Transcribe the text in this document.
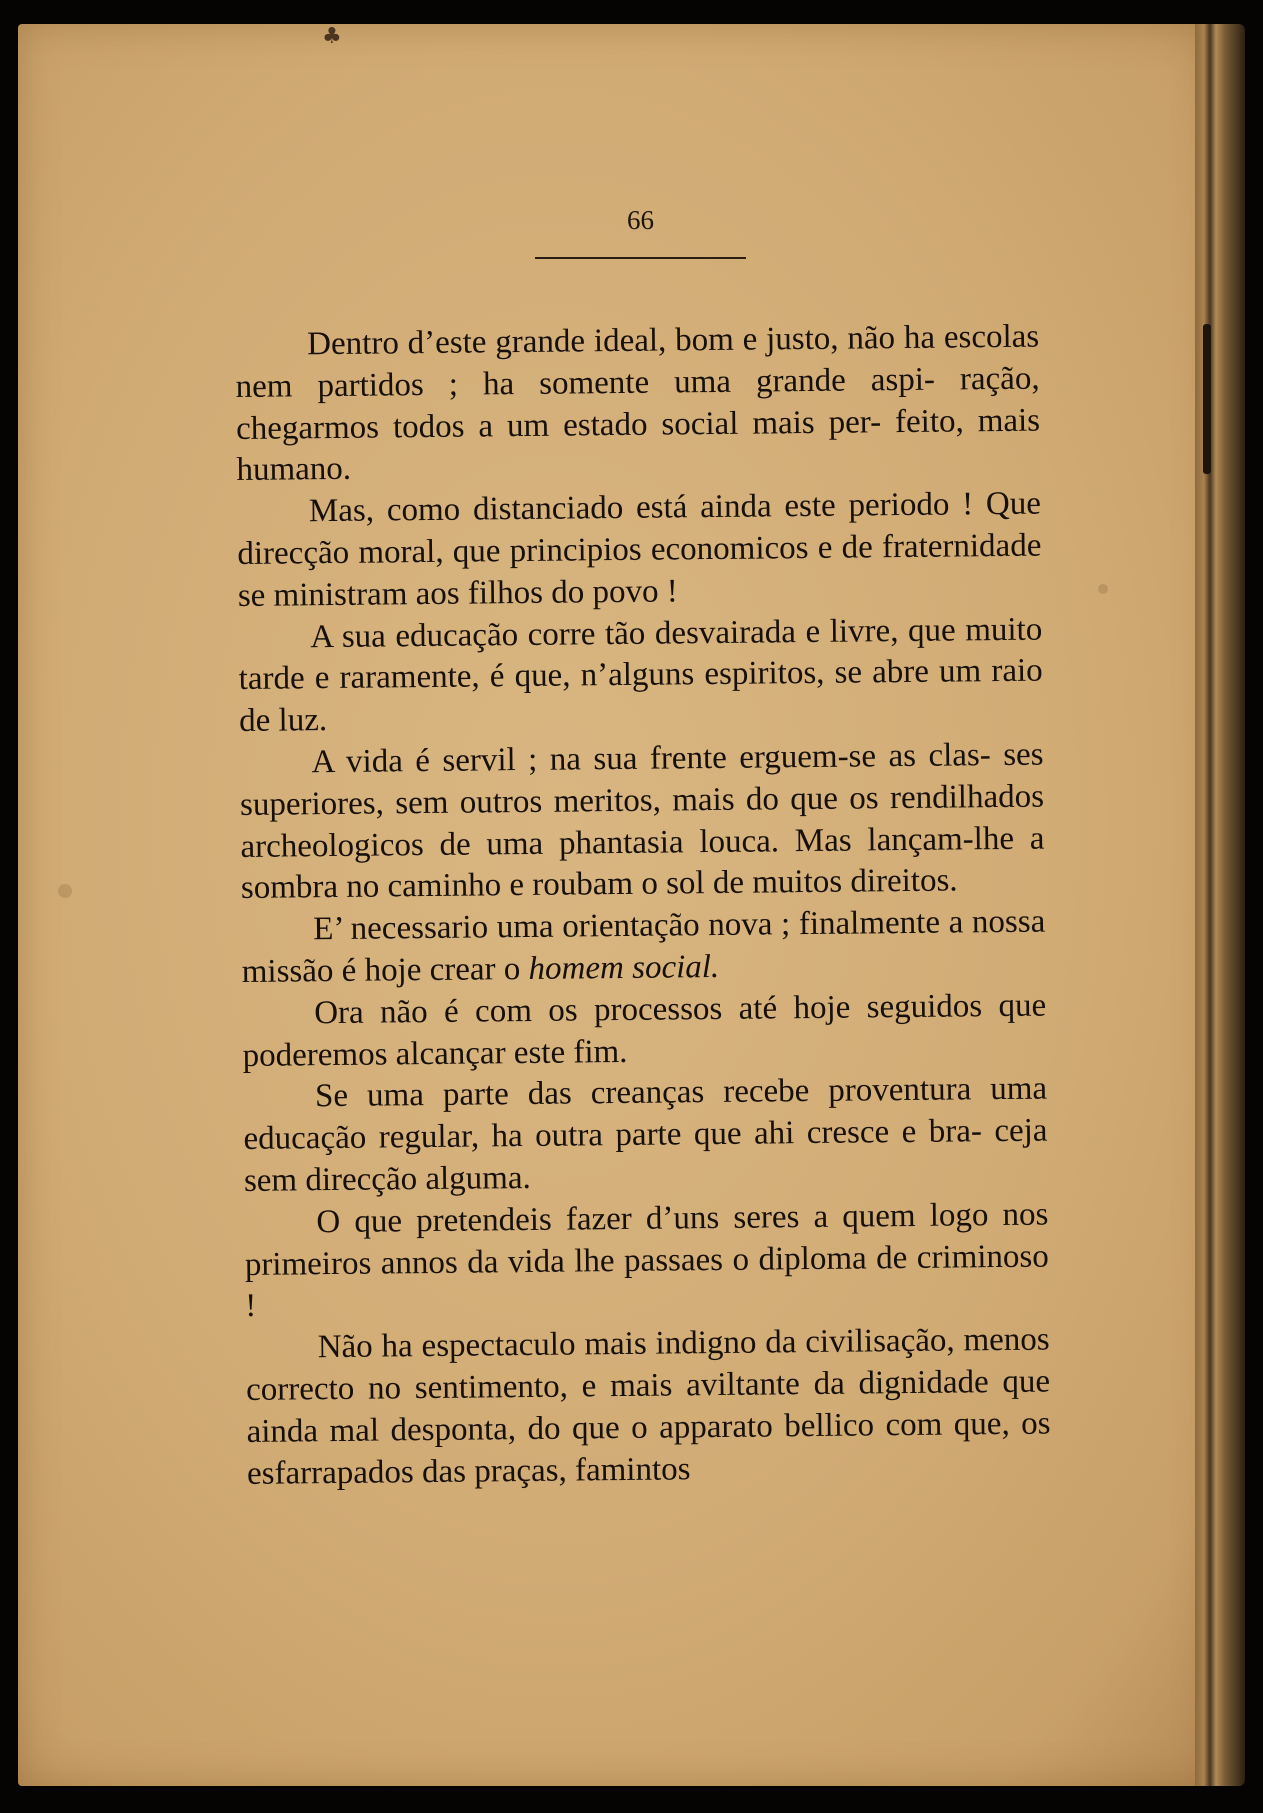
♣
66

Dentro d’este grande ideal, bom e justo, não ha escolas nem partidos ; ha somente uma grande aspi- ração, chegarmos todos a um estado social mais per- feito, mais humano.

Mas, como distanciado está ainda este periodo ! Que direcção moral, que principios economicos e de fraternidade se ministram aos filhos do povo !

A sua educação corre tão desvairada e livre, que muito tarde e raramente, é que, n’alguns espiritos, se abre um raio de luz.

A vida é servil ; na sua frente erguem-se as clas- ses superiores, sem outros meritos, mais do que os rendilhados archeologicos de uma phantasia louca. Mas lançam-lhe a sombra no caminho e roubam o sol de muitos direitos.

E’ necessario uma orientação nova ; finalmente a nossa missão é hoje crear o homem social.

Ora não é com os processos até hoje seguidos que poderemos alcançar este fim.

Se uma parte das creanças recebe proventura uma educação regular, ha outra parte que ahi cresce e bra- ceja sem direcção alguma.

O que pretendeis fazer d’uns seres a quem logo nos primeiros annos da vida lhe passaes o diploma de criminoso !

Não ha espectaculo mais indigno da civilisação, menos correcto no sentimento, e mais aviltante da dignidade que ainda mal desponta, do que o apparato bellico com que, os esfarrapados das praças, famintos
